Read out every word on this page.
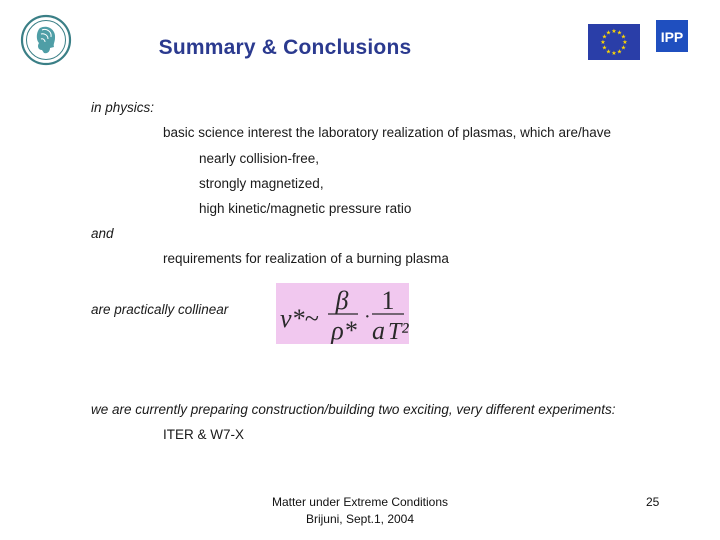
Summary & Conclusions
★ ★
★
★
★
★
★
★
★
★
★
★	IPP
in physics:
basic science interest the laboratory realization of plasmas, which are/have
nearly collision-free,
strongly magnetized,
high kinetic/magnetic pressure ratio
and
requirements for realization of a burning plasma
are practically collinear ν*~
β
ρ* ·
1
a T²
we are currently preparing construction/building two exciting, very different experiments:
ITER & W7-X
Matter under Extreme Conditions
Brijuni, Sept.1, 2004
25
